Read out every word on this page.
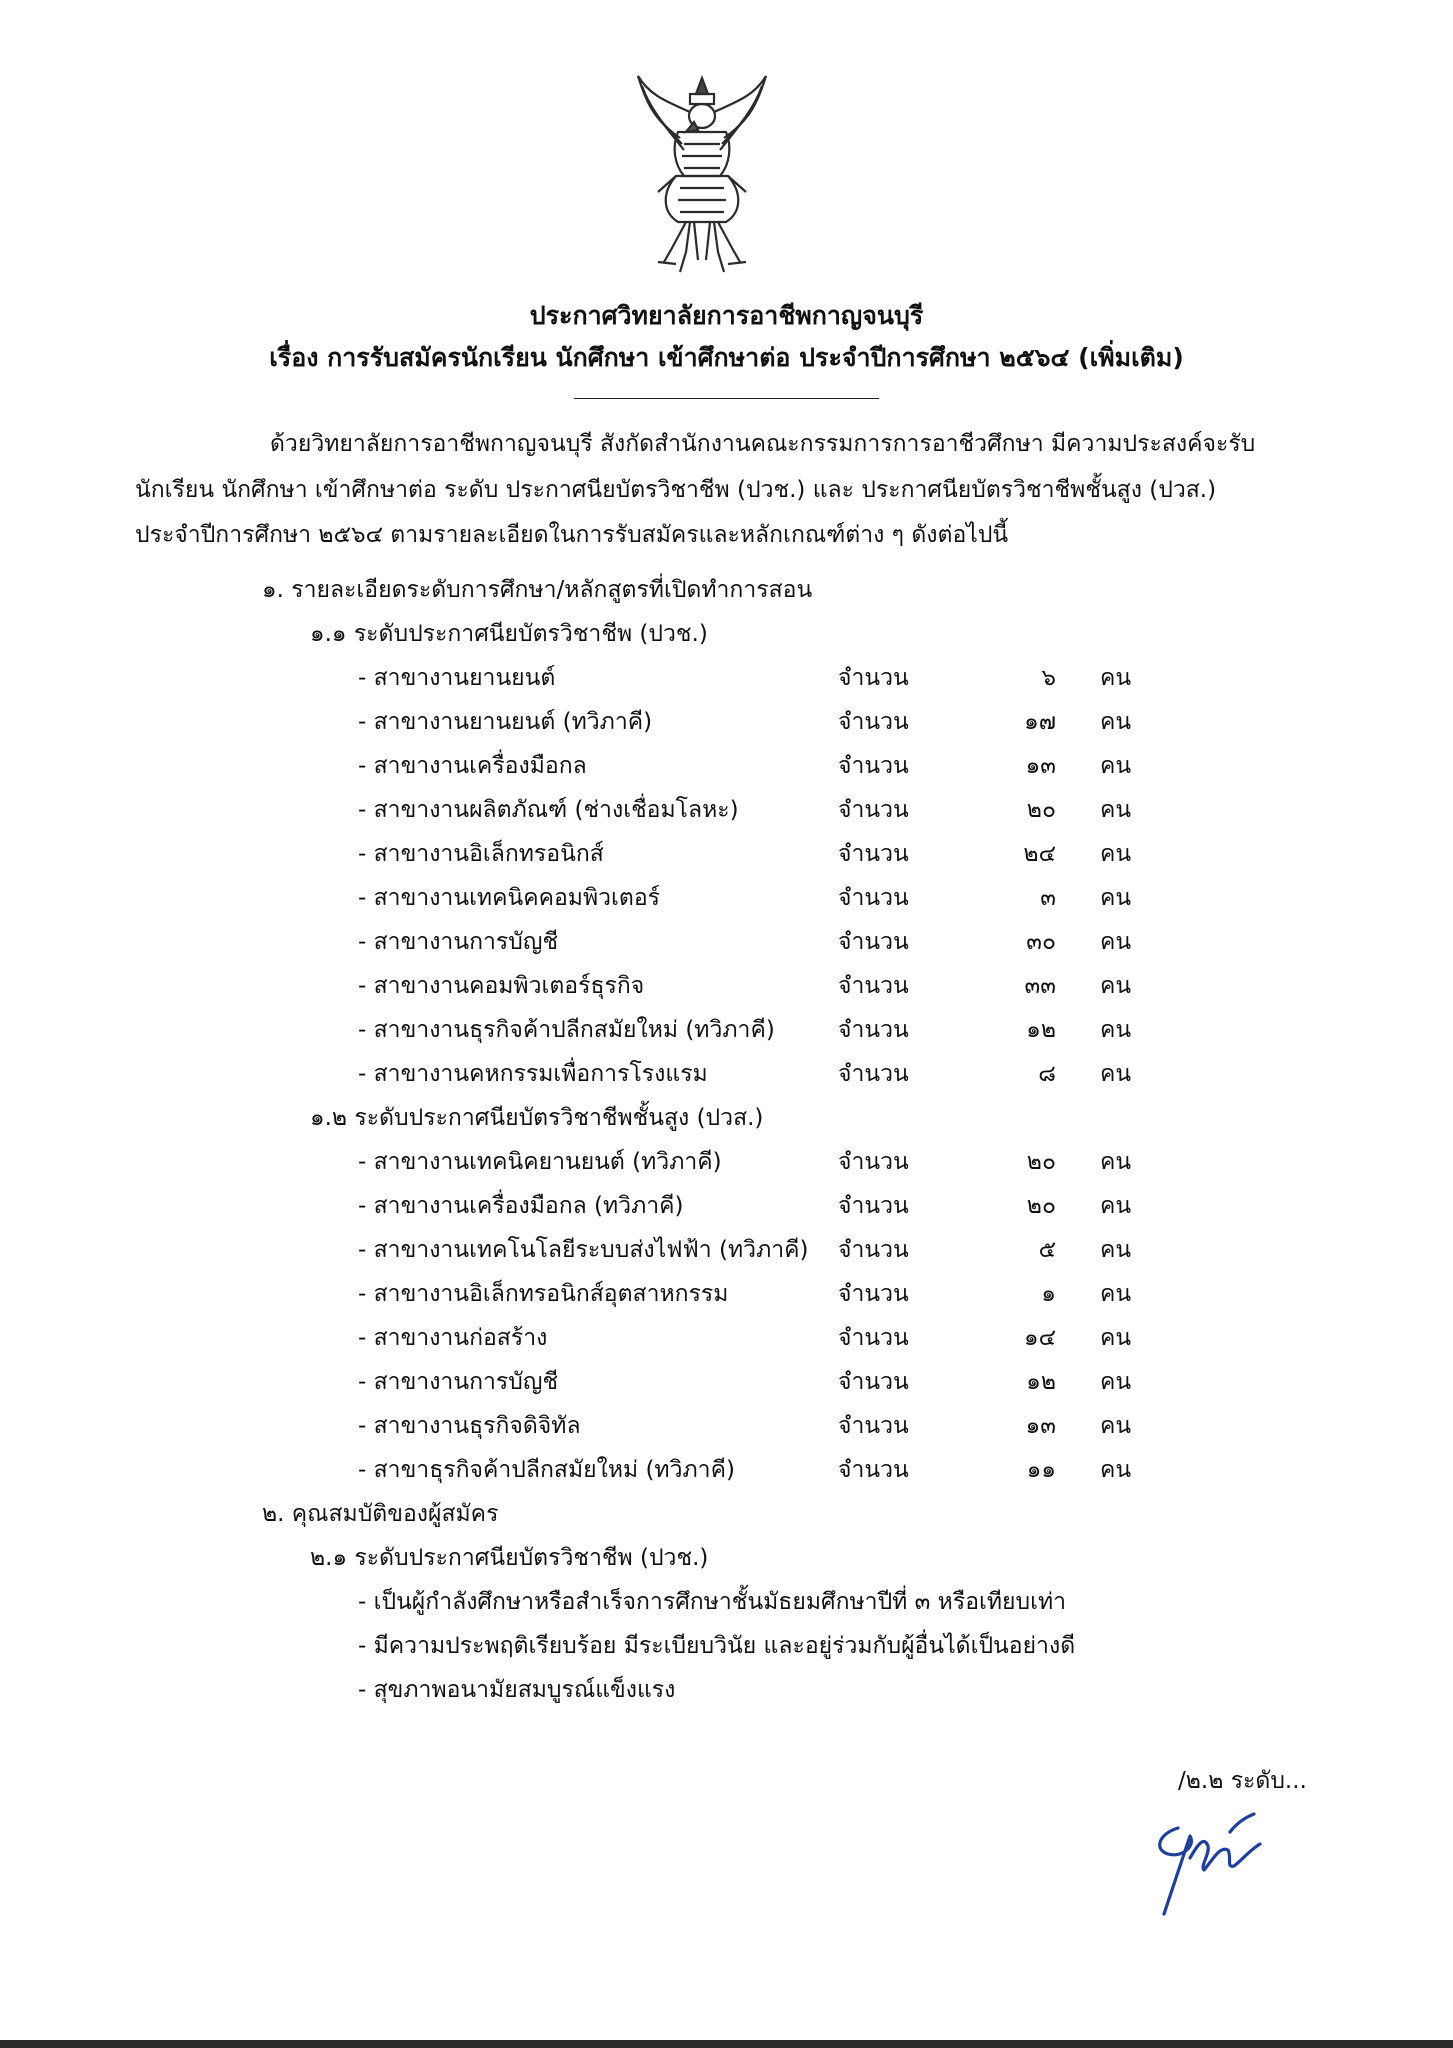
ประกาศวิทยาลัยการอาชีพกาญจนบุรี
เรื่อง การรับสมัครนักเรียน นักศึกษา เข้าศึกษาต่อ ประจำปีการศึกษา ๒๕๖๔ (เพิ่มเติม)
ด้วยวิทยาลัยการอาชีพกาญจนบุรี สังกัดสำนักงานคณะกรรมการการอาชีวศึกษา มีความประสงค์จะรับ
นักเรียน นักศึกษา เข้าศึกษาต่อ ระดับ ประกาศนียบัตรวิชาชีพ (ปวช.) และ ประกาศนียบัตรวิชาชีพชั้นสูง (ปวส.)
ประจำปีการศึกษา ๒๕๖๔ ตามรายละเอียดในการรับสมัครและหลักเกณฑ์ต่าง ๆ ดังต่อไปนี้
๑. รายละเอียดระดับการศึกษา/หลักสูตรที่เปิดทำการสอน
๑.๑ ระดับประกาศนียบัตรวิชาชีพ (ปวช.)
- สาขางานยานยนต์	จำนวน	๖ คน
- สาขางานยานยนต์ (ทวิภาคี)	จำนวน	๑๗ คน
- สาขางานเครื่องมือกล	จำนวน	๑๓ คน
- สาขางานผลิตภัณฑ์ (ช่างเชื่อมโลหะ)	จำนวน	๒๐ คน
- สาขางานอิเล็กทรอนิกส์	จำนวน	๒๔ คน
- สาขางานเทคนิคคอมพิวเตอร์	จำนวน	๓ คน
- สาขางานการบัญชี	จำนวน	๓๐ คน
- สาขางานคอมพิวเตอร์ธุรกิจ	จำนวน	๓๓ คน
- สาขางานธุรกิจค้าปลีกสมัยใหม่ (ทวิภาคี)	จำนวน	๑๒ คน
- สาขางานคหกรรมเพื่อการโรงแรม	จำนวน	๘ คน
๑.๒ ระดับประกาศนียบัตรวิชาชีพชั้นสูง (ปวส.)
- สาขางานเทคนิคยานยนต์ (ทวิภาคี)	จำนวน	๒๐ คน
- สาขางานเครื่องมือกล (ทวิภาคี)	จำนวน	๒๐ คน
- สาขางานเทคโนโลยีระบบส่งไฟฟ้า (ทวิภาคี) จำนวน	๕ คน
- สาขางานอิเล็กทรอนิกส์อุตสาหกรรม	จำนวน	๑ คน
- สาขางานก่อสร้าง	จำนวน	๑๔ คน
- สาขางานการบัญชี	จำนวน	๑๒ คน
- สาขางานธุรกิจดิจิทัล	จำนวน	๑๓ คน
- สาขาธุรกิจค้าปลีกสมัยใหม่ (ทวิภาคี)	จำนวน	๑๑ คน
๒. คุณสมบัติของผู้สมัคร
๒.๑ ระดับประกาศนียบัตรวิชาชีพ (ปวช.)
- เป็นผู้กำลังศึกษาหรือสำเร็จการศึกษาชั้นมัธยมศึกษาปีที่ ๓ หรือเทียบเท่า
- มีความประพฤติเรียบร้อย มีระเบียบวินัย และอยู่ร่วมกับผู้อื่นได้เป็นอย่างดี
- สุขภาพอนามัยสมบูรณ์แข็งแรง
/๒.๒ ระดับ...
